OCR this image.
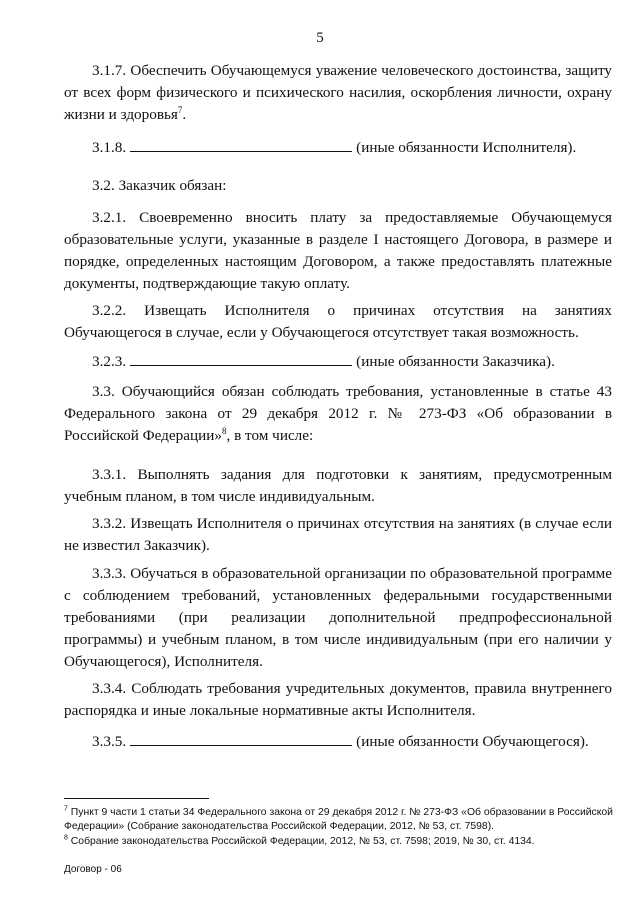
5
3.1.7. Обеспечить Обучающемуся уважение человеческого достоинства, защиту от всех форм физического и психического насилия, оскорбления личности, охрану жизни и здоровья$^7$.
3.1.8.	(иные обязанности Исполнителя).
3.2. Заказчик обязан:
3.2.1. Своевременно вносить плату за предоставляемые Обучающемуся образовательные услуги, указанные в разделе I настоящего Договора, в размере и порядке, определенных настоящим Договором, а также предоставлять платежные документы, подтверждающие такую оплату.
3.2.2. Извещать Исполнителя о причинах отсутствия на занятиях Обучающегося в случае, если у Обучающегося отсутствует такая возможность.
3.2.3.	(иные обязанности Заказчика).
3.3. Обучающийся обязан соблюдать требования, установленные в статье 43 Федерального закона от 29 декабря 2012 г. № 273-ФЗ «Об образовании в Российской Федерации»$^8$, в том числе:
3.3.1. Выполнять задания для подготовки к занятиям, предусмотренным учебным планом, в том числе индивидуальным.
3.3.2. Извещать Исполнителя о причинах отсутствия на занятиях (в случае если не известил Заказчик).
3.3.3. Обучаться в образовательной организации по образовательной программе с соблюдением требований, установленных федеральными государственными требованиями (при реализации дополнительной предпрофессиональной программы) и учебным планом, в том числе индивидуальным (при его наличии у Обучающегося), Исполнителя.
3.3.4. Соблюдать требования учредительных документов, правила внутреннего распорядка и иные локальные нормативные акты Исполнителя.
3.3.5.	(иные обязанности Обучающегося).
$^7$ Пункт 9 части 1 статьи 34 Федерального закона от 29 декабря 2012 г. № 273-ФЗ «Об образовании в Российской Федерации» (Собрание законодательства Российской Федерации, 2012, № 53, ст. 7598).
$^8$ Собрание законодательства Российской Федерации, 2012, № 53, ст. 7598; 2019, № 30, ст. 4134.
Договор - 06
